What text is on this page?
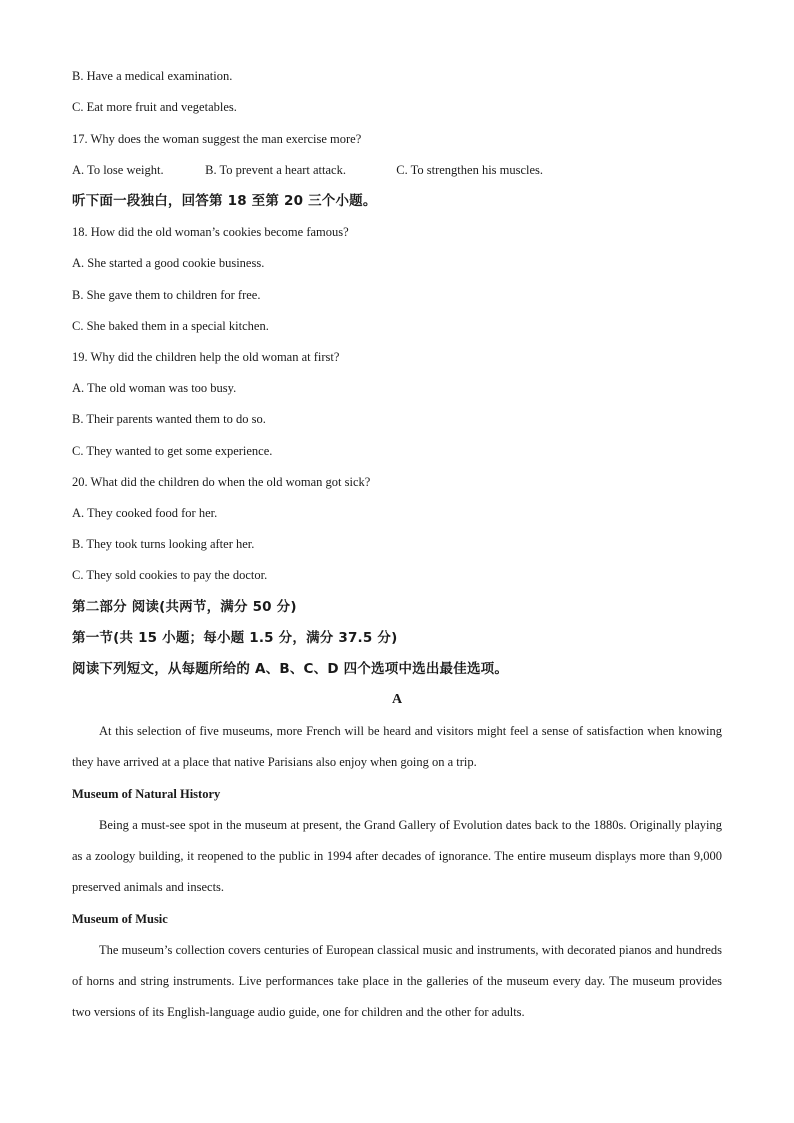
B. Have a medical examination.
C. Eat more fruit and vegetables.
17. Why does the woman suggest the man exercise more?
A. To lose weight.	B. To prevent a heart attack.	C. To strengthen his muscles.
听下面一段独白，回答第 18 至第 20 三个小题。
18. How did the old woman’s cookies become famous?
A. She started a good cookie business.
B. She gave them to children for free.
C. She baked them in a special kitchen.
19. Why did the children help the old woman at first?
A. The old woman was too busy.
B. Their parents wanted them to do so.
C. They wanted to get some experience.
20. What did the children do when the old woman got sick?
A. They cooked food for her.
B. They took turns looking after her.
C. They sold cookies to pay the doctor.
第二部分 阅读(共两节，满分 50 分)
第一节(共 15 小题；每小题 1.5 分，满分 37.5 分)
阅读下列短文，从每题所给的 A、B、C、D 四个选项中选出最佳选项。
A
At this selection of five museums, more French will be heard and visitors might feel a sense of satisfaction when knowing they have arrived at a place that native Parisians also enjoy when going on a trip.
Museum of Natural History
Being a must-see spot in the museum at present, the Grand Gallery of Evolution dates back to the 1880s. Originally playing as a zoology building, it reopened to the public in 1994 after decades of ignorance. The entire museum displays more than 9,000 preserved animals and insects.
Museum of Music
The museum’s collection covers centuries of European classical music and instruments, with decorated pianos and hundreds of horns and string instruments. Live performances take place in the galleries of the museum every day. The museum provides two versions of its English-language audio guide, one for children and the other for adults.
